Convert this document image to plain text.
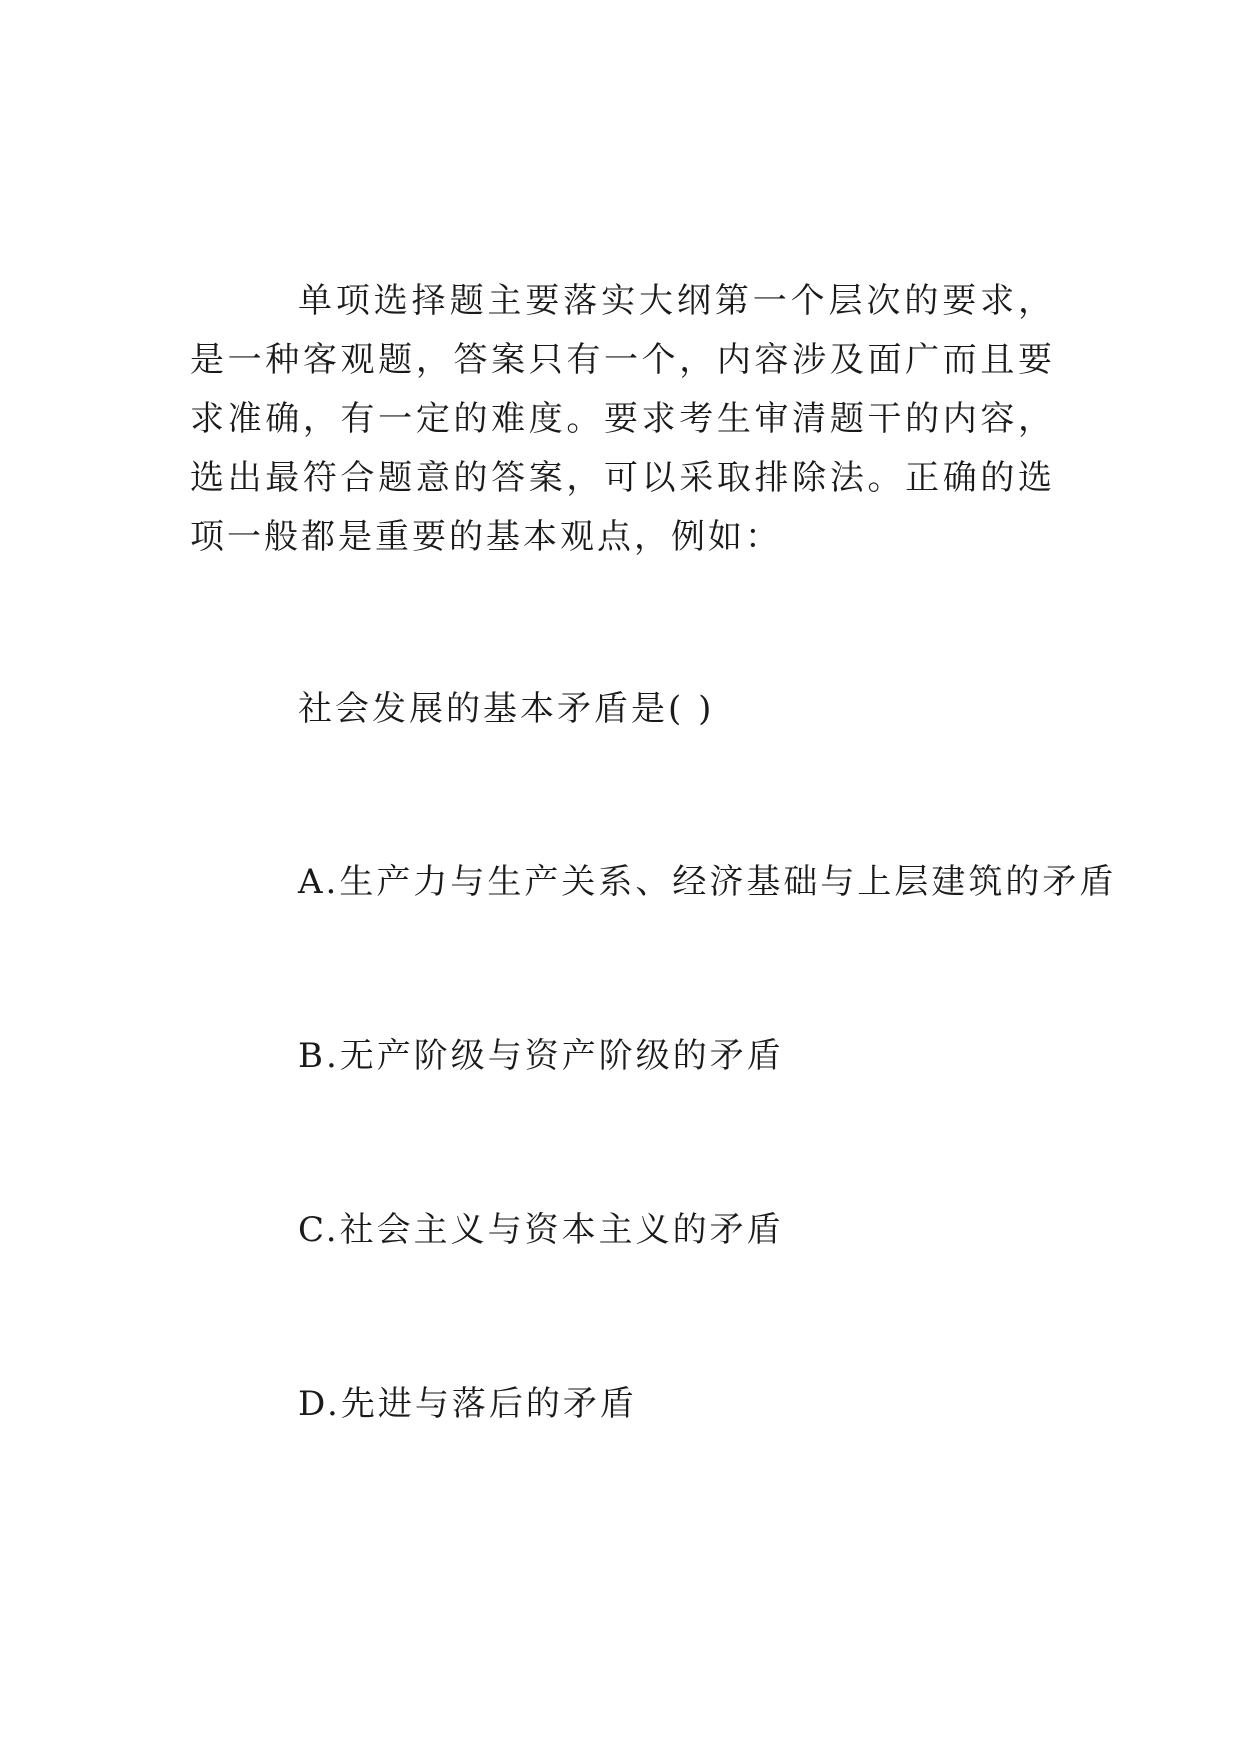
单项选择题主要落实大纲第一个层次的要求，是一种客观题，答案只有一个，内容涉及面广而且要求准确，有一定的难度。要求考生审清题干的内容，选出最符合题意的答案，可以采取排除法。正确的选项一般都是重要的基本观点，例如：

社会发展的基本矛盾是( )

A.生产力与生产关系、经济基础与上层建筑的矛盾

B.无产阶级与资产阶级的矛盾

C.社会主义与资本主义的矛盾

D.先进与落后的矛盾
